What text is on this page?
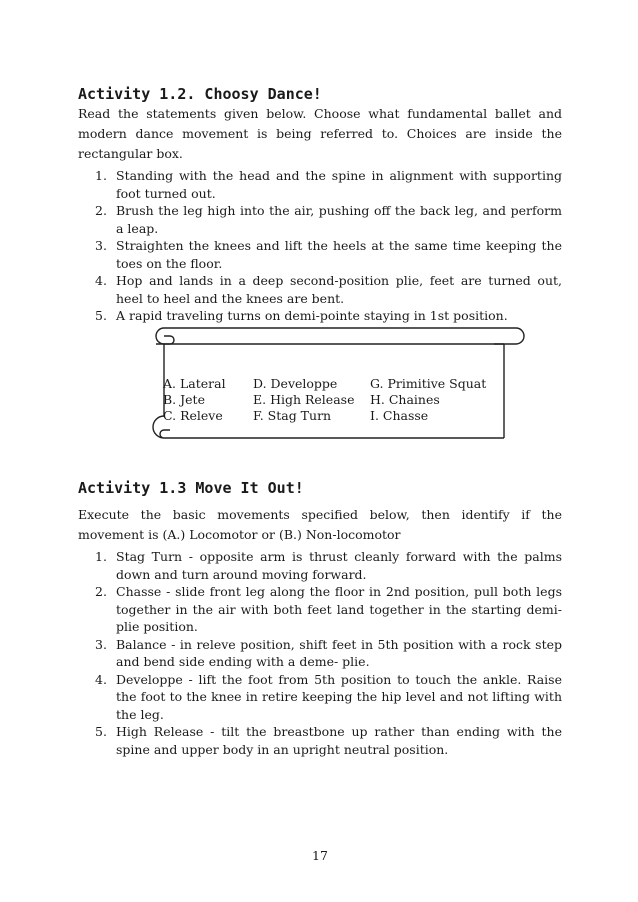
Activity 1.2. Choosy Dance!

Read the statements given below. Choose what fundamental ballet and modern dance movement is being referred to. Choices are inside the rectangular box.

1. Standing with the head and the spine in alignment with supporting foot turned out.
2. Brush the leg high into the air, pushing off the back leg, and perform a leap.
3. Straighten the knees and lift the heels at the same time keeping the toes on the floor.
4. Hop and lands in a deep second-position plie, feet are turned out, heel to heel and the knees are bent.
5. A rapid traveling turns on demi-pointe staying in 1st position.
A. Lateral
B. Jete
C. Releve
D. Developpe
E. High Release
F. Stag Turn
G. Primitive Squat
H. Chaines
I. Chasse
Activity 1.3 Move It Out!

Execute the basic movements specified below, then identify if the movement is (A.) Locomotor or (B.) Non-locomotor

1. Stag Turn - opposite arm is thrust cleanly forward with the palms down and turn around moving forward.
2. Chasse - slide front leg along the floor in 2nd position, pull both legs together in the air with both feet land together in the starting demi-plie position.
3. Balance - in releve position, shift feet in 5th position with a rock step and bend side ending with a deme- plie.
4. Developpe - lift the foot from 5th position to touch the ankle. Raise the foot to the knee in retire keeping the hip level and not lifting with the leg.
5. High Release - tilt the breastbone up rather than ending with the spine and upper body in an upright neutral position.
17
